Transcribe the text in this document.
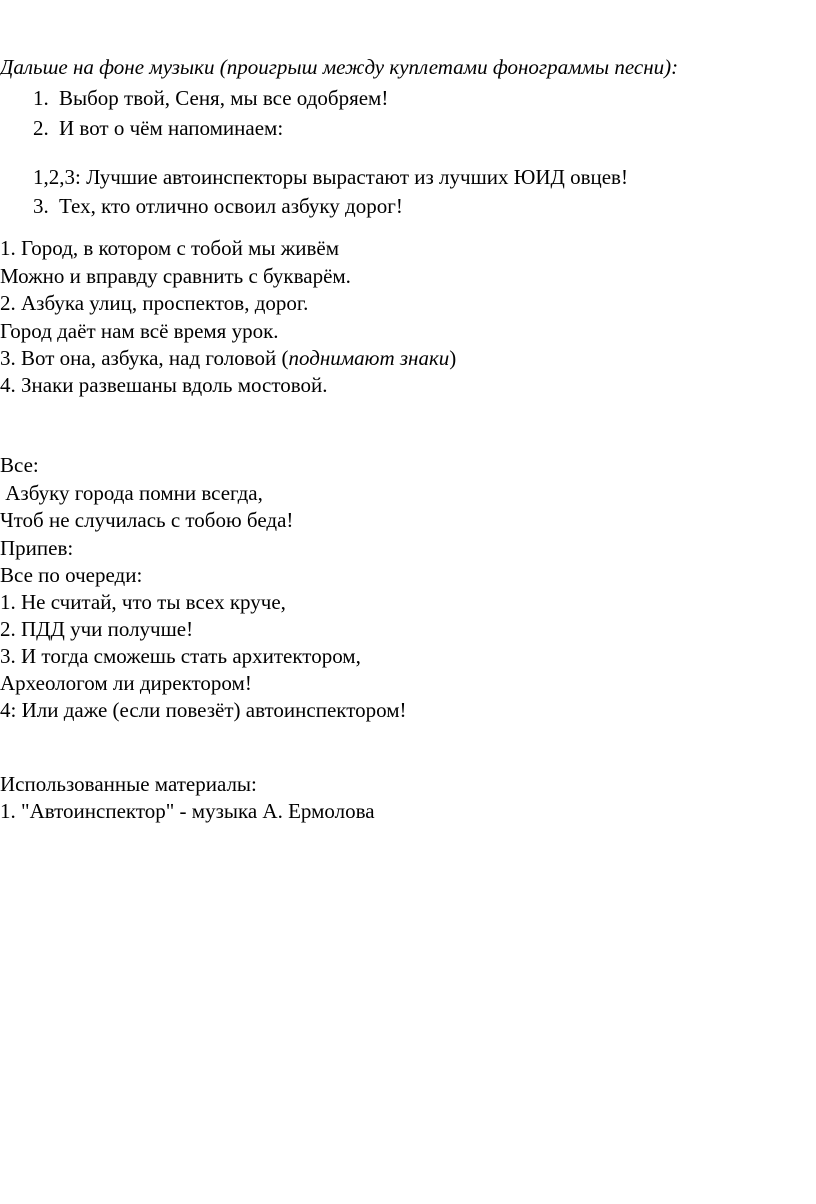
Дальше на фоне музыки (проигрыш между куплетами фонограммы песни):
1. Выбор твой, Сеня, мы все одобряем!
2. И вот о чём напоминаем:
1,2,3: Лучшие автоинспекторы вырастают из лучших ЮИД овцев!
3. Тех, кто отлично освоил азбуку дорог!
1. Город, в котором с тобой мы живём
Можно и вправду сравнить с букварём.
2. Азбука улиц, проспектов, дорог.
Город даёт нам всё время урок.
3. Вот она, азбука, над головой (поднимают знаки)
4. Знаки развешаны вдоль мостовой.
Все:
Азбуку города помни всегда,
Чтоб не случилась с тобою беда!
Припев:
Все по очереди:
1. Не считай, что ты всех круче,
2. ПДД учи получше!
3. И тогда сможешь стать архитектором,
Археологом ли директором!
4: Или даже (если повезёт) автоинспектором!
Использованные материалы:
1. "Автоинспектор" - музыка А. Ермолова
